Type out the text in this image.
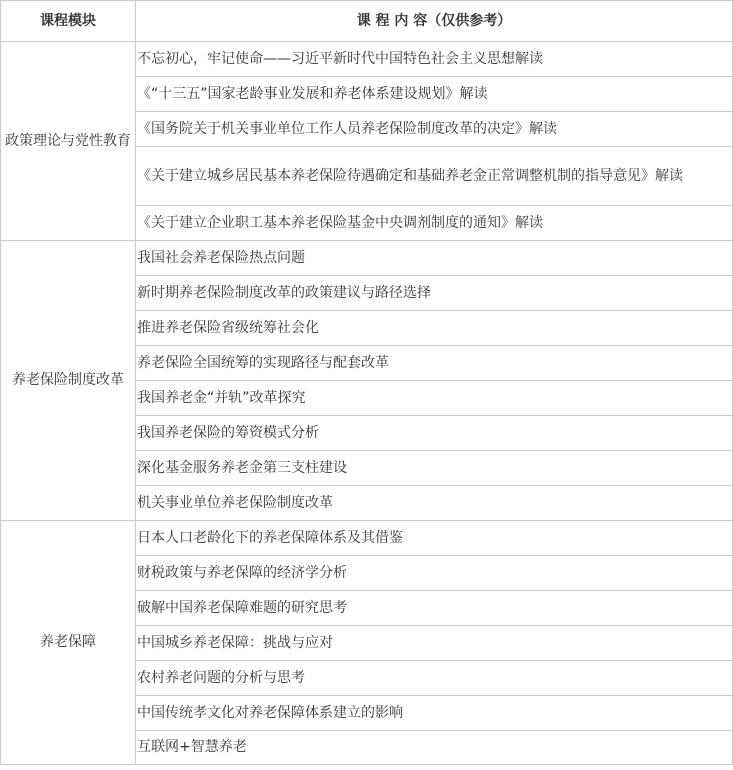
课程模块	课 程 内 容（仅供参考）
政策理论与党性教育	不忘初心，牢记使命——习近平新时代中国特色社会主义思想解读
	《“十三五”国家老龄事业发展和养老体系建设规划》解读
	《国务院关于机关事业单位工作人员养老保险制度改革的决定》解读
	《关于建立城乡居民基本养老保险待遇确定和基础养老金正常调整机制的指导意见》解读
	《关于建立企业职工基本养老保险基金中央调剂制度的通知》解读
养老保险制度改革	我国社会养老保险热点问题
	新时期养老保险制度改革的政策建议与路径选择
	推进养老保险省级统筹社会化
	养老保险全国统筹的实现路径与配套改革
	我国养老金“并轨”改革探究
	我国养老保险的筹资模式分析
	深化基金服务养老金第三支柱建设
	机关事业单位养老保险制度改革
养老保障	日本人口老龄化下的养老保障体系及其借鉴
	财税政策与养老保障的经济学分析
	破解中国养老保障难题的研究思考
	中国城乡养老保障：挑战与应对
	农村养老问题的分析与思考
	中国传统孝文化对养老保障体系建立的影响
	互联网+智慧养老
